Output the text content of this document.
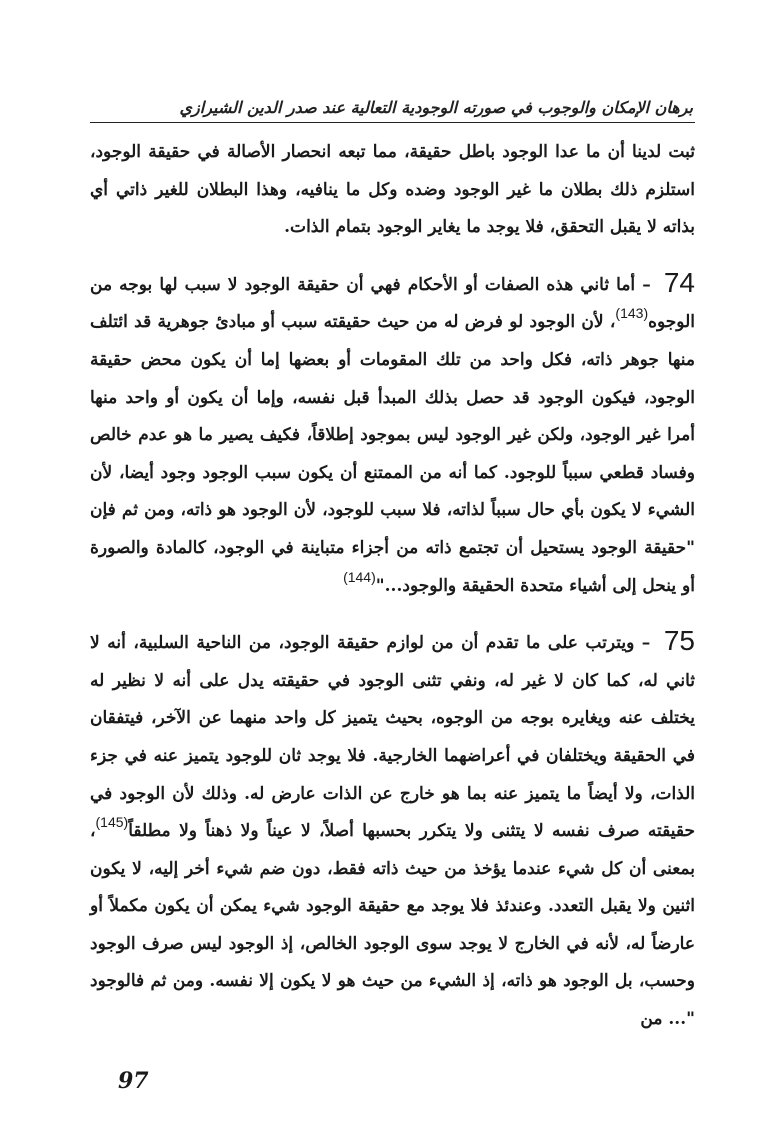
برهان الإمكان والوجوب في صورته الوجودية التعالية عند صدر الدين الشيرازي

ثبت لدينا أن ما عدا الوجود باطل حقيقة، مما تبعه انحصار الأصالة في حقيقة الوجود، استلزم ذلك بطلان ما غير الوجود وضده وكل ما ينافيه، وهذا البطلان للغير ذاتي أي بذاته لا يقبل التحقق، فلا يوجد ما يغاير الوجود بتمام الذات.

74 – أما ثاني هذه الصفات أو الأحكام فهي أن حقيقة الوجود لا سبب لها بوجه من الوجوه$^{(143)}$، لأن الوجود لو فرض له من حيث حقيقته سبب أو مبادئ جوهرية قد ائتلف منها جوهر ذاته، فكل واحد من تلك المقومات أو بعضها إما أن يكون محض حقيقة الوجود، فيكون الوجود قد حصل بذلك المبدأ قبل نفسه، وإما أن يكون أو واحد منها أمرا غير الوجود، ولكن غير الوجود ليس بموجود إطلاقاً، فكيف يصير ما هو عدم خالص وفساد قطعي سبباً للوجود. كما أنه من الممتنع أن يكون سبب الوجود وجود أيضا، لأن الشيء لا يكون بأي حال سبباً لذاته، فلا سبب للوجود، لأن الوجود هو ذاته، ومن ثم فإن "حقيقة الوجود يستحيل أن تجتمع ذاته من أجزاء متباينة في الوجود، كالمادة والصورة أو ينحل إلى أشياء متحدة الحقيقة والوجود..."$^{(144)}$

75 – ويترتب على ما تقدم أن من لوازم حقيقة الوجود، من الناحية السلبية، أنه لا ثاني له، كما كان لا غير له، ونفي تثنى الوجود في حقيقته يدل على أنه لا نظير له يختلف عنه ويغايره بوجه من الوجوه، بحيث يتميز كل واحد منهما عن الآخر، فيتفقان في الحقيقة ويختلفان في أعراضهما الخارجية. فلا يوجد ثان للوجود يتميز عنه في جزء الذات، ولا أيضاً ما يتميز عنه بما هو خارج عن الذات عارض له. وذلك لأن الوجود في حقيقته صرف نفسه لا يتثنى ولا يتكرر بحسبها أصلاً، لا عيناً ولا ذهناً ولا مطلقاً$^{(145)}$، بمعنى أن كل شيء عندما يؤخذ من حيث ذاته فقط، دون ضم شيء أخر إليه، لا يكون اثنين ولا يقبل التعدد. وعندئذ فلا يوجد مع حقيقة الوجود شيء يمكن أن يكون مكملاً أو عارضاً له، لأنه في الخارج لا يوجد سوى الوجود الخالص، إذ الوجود ليس صرف الوجود وحسب، بل الوجود هو ذاته، إذ الشيء من حيث هو لا يكون إلا نفسه. ومن ثم فالوجود "... من

97
